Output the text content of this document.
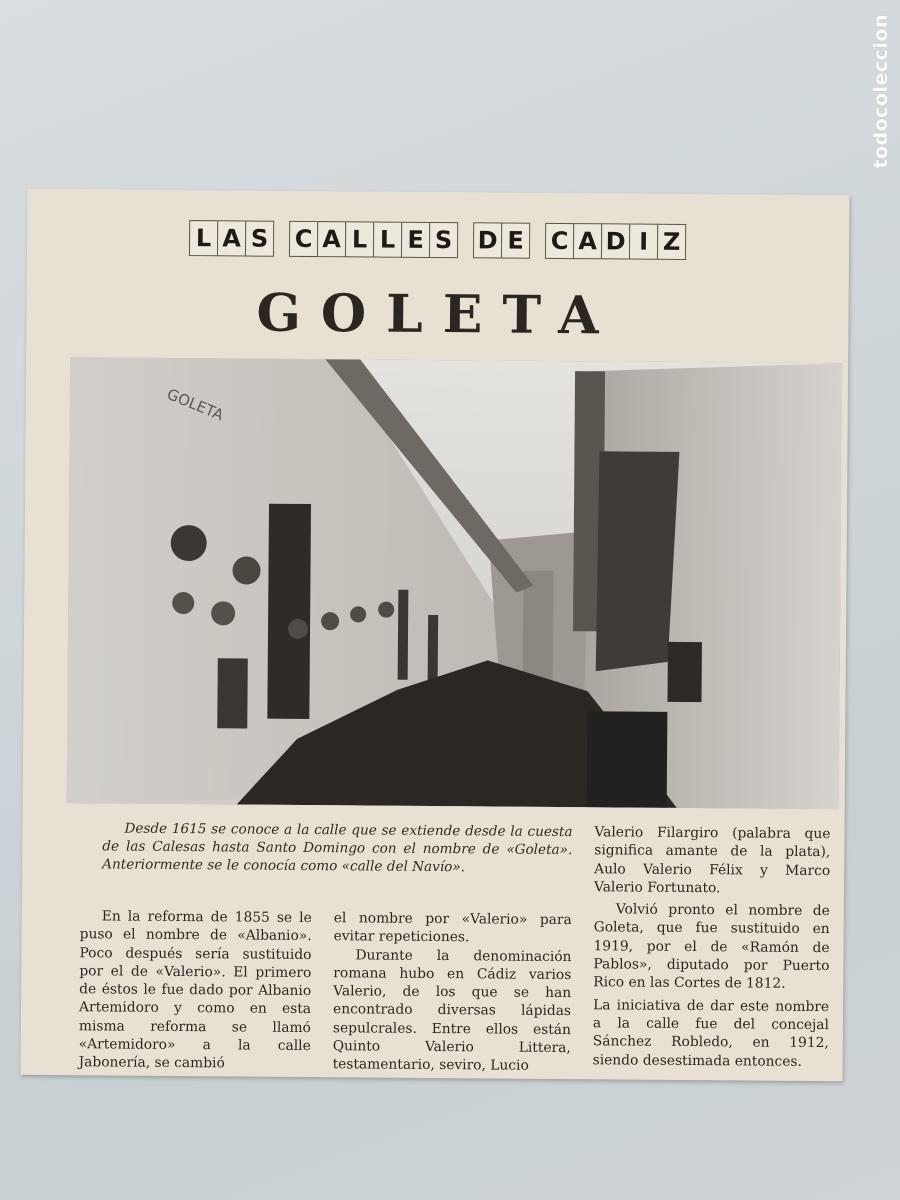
todocoleccion
L A S C A L L E S D E C A D I Z
GOLETA
GOLETA
Desde 1615 se conoce a la calle que se extiende desde la cuesta de las Calesas hasta Santo Domingo con el nombre de «Goleta». Anteriormente se le conocía como «calle del Navío».

En la reforma de 1855 se le puso el nombre de «Albanio». Poco después sería sustituido por el de «Valerio». El primero de éstos le fue dado por Albanio Artemidoro y como en esta misma reforma se llamó «Artemidoro» a la calle Jabonería, se cambió

el nombre por «Valerio» para evitar repeticiones.

Durante la denominación romana hubo en Cádiz varios Valerio, de los que se han encontrado diversas lápidas sepulcrales. Entre ellos están Quinto Valerio Littera, testamentario, seviro, Lucio

Valerio Filargiro (palabra que significa amante de la plata), Aulo Valerio Félix y Marco Valerio Fortunato.

Volvió pronto el nombre de Goleta, que fue sustituido en 1919, por el de «Ramón de Pablos», diputado por Puerto Rico en las Cortes de 1812.

La iniciativa de dar este nombre a la calle fue del concejal Sánchez Robledo, en 1912, siendo desestimada entonces.
